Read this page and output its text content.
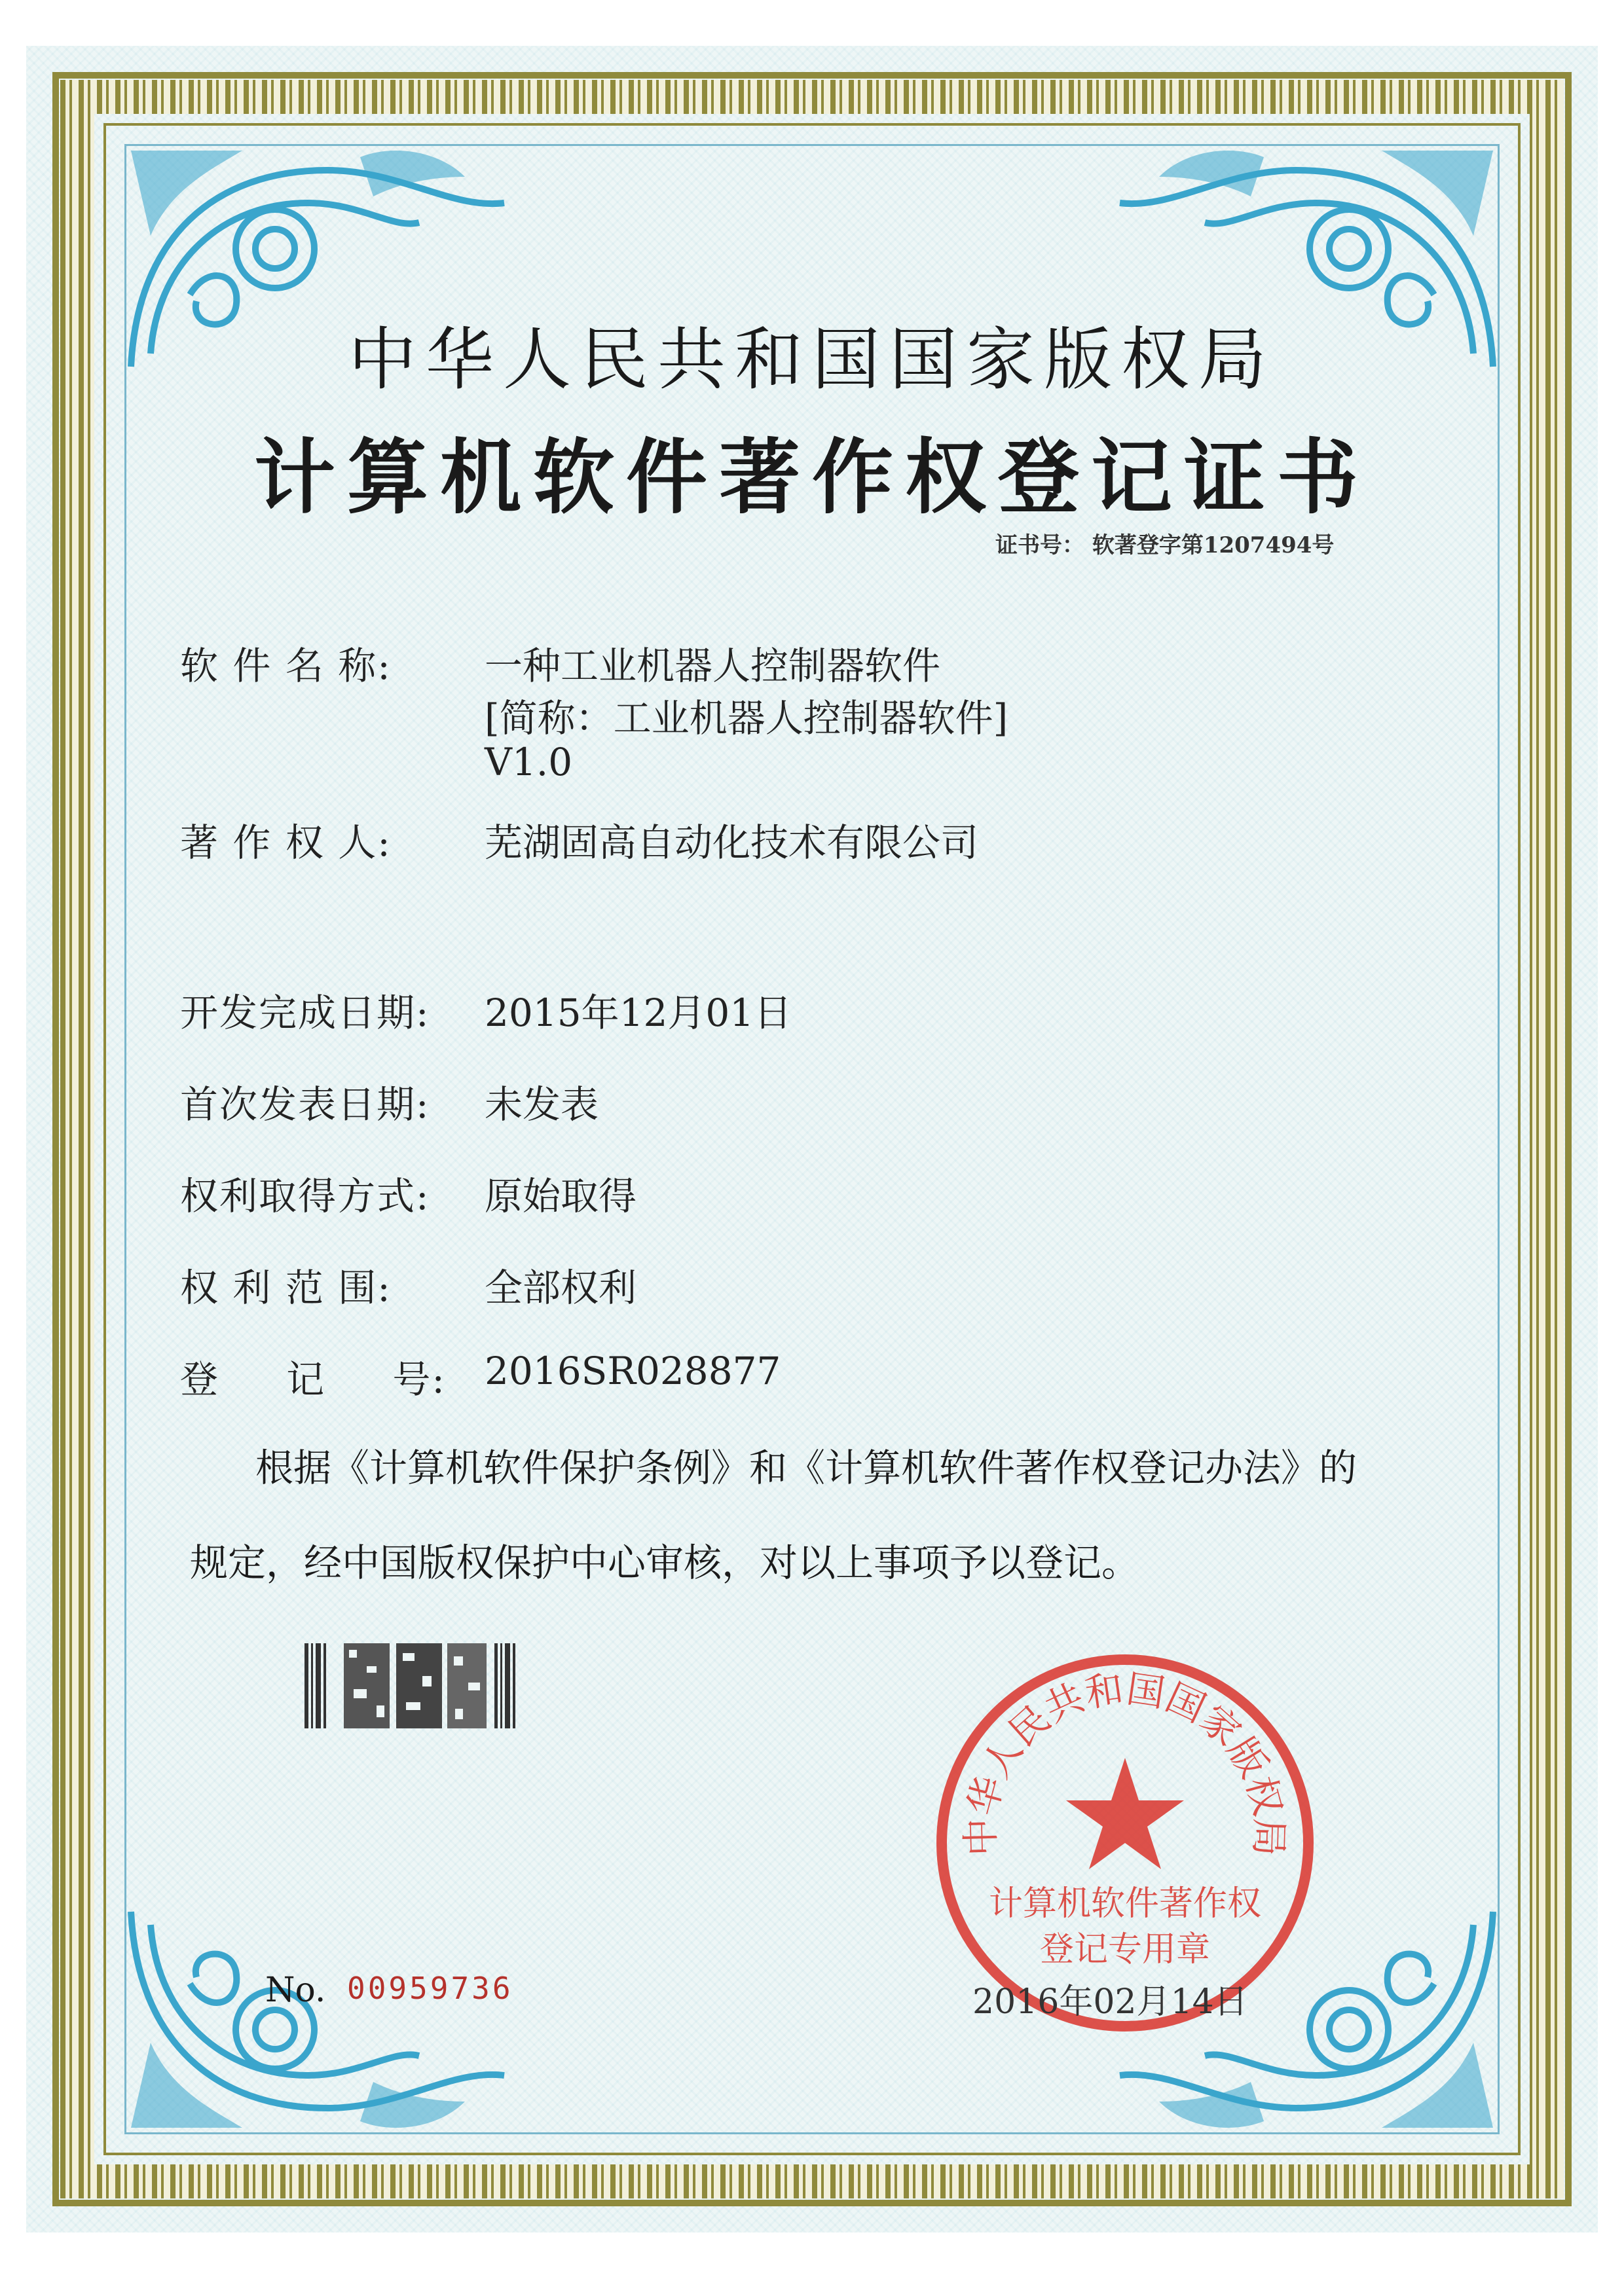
中华人民共和国国家版权局
计算机软件著作权登记证书
证书号： 软著登字第1207494号
软 件 名 称: 一种工业机器人控制器软件
[简称：工业机器人控制器软件]
V1.0
著 作 权 人: 芜湖固高自动化技术有限公司
开发完成日期: 2015年12月01日
首次发表日期: 未发表
权利取得方式: 原始取得
权 利 范 围: 全部权利
登     记     号: 2016SR028877
根据《计算机软件保护条例》和《计算机软件著作权登记办法》的
规定，经中国版权保护中心审核，对以上事项予以登记。
中华人民共和国国家版权局
计算机软件著作权
登记专用章
No. 00959736	2016年02月14日
